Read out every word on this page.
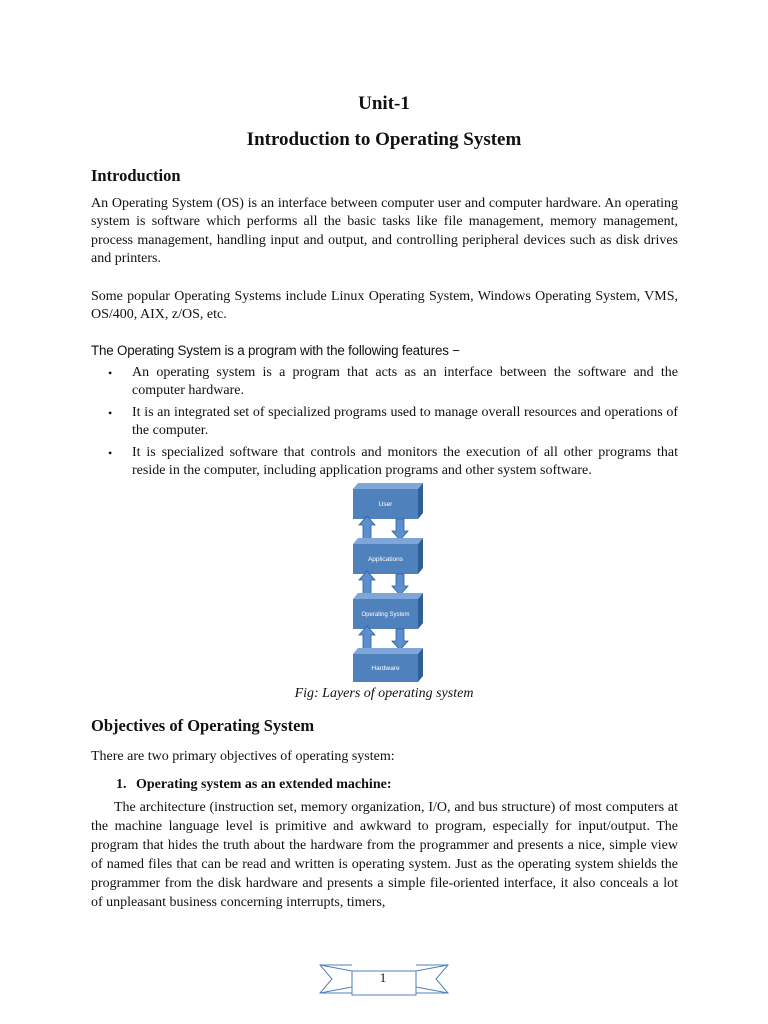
Unit-1
Introduction to Operating System
Introduction

An Operating System (OS) is an interface between computer user and computer hardware. An operating system is software which performs all the basic tasks like file management, memory management, process management, handling input and output, and controlling peripheral devices such as disk drives and printers.

Some popular Operating Systems include Linux Operating System, Windows Operating System, VMS, OS/400, AIX, z/OS, etc.

The Operating System is a program with the following features −

• An operating system is a program that acts as an interface between the software and the computer hardware.
• It is an integrated set of specialized programs used to manage overall resources and operations of the computer.
• It is specialized software that controls and monitors the execution of all other programs that reside in the computer, including application programs and other system software.
User
Applications
Operating System
Hardware

Fig: Layers of operating system

Objectives of Operating System

There are two primary objectives of operating system:

1. Operating system as an extended machine:

The architecture (instruction set, memory organization, I/O, and bus structure) of most computers at the machine language level is primitive and awkward to program, especially for input/output. The program that hides the truth about the hardware from the programmer and presents a nice, simple view of named files that can be read and written is operating system. Just as the operating system shields the programmer from the disk hardware and presents a simple file-oriented interface, it also conceals a lot of unpleasant business concerning interrupts, timers,

1
